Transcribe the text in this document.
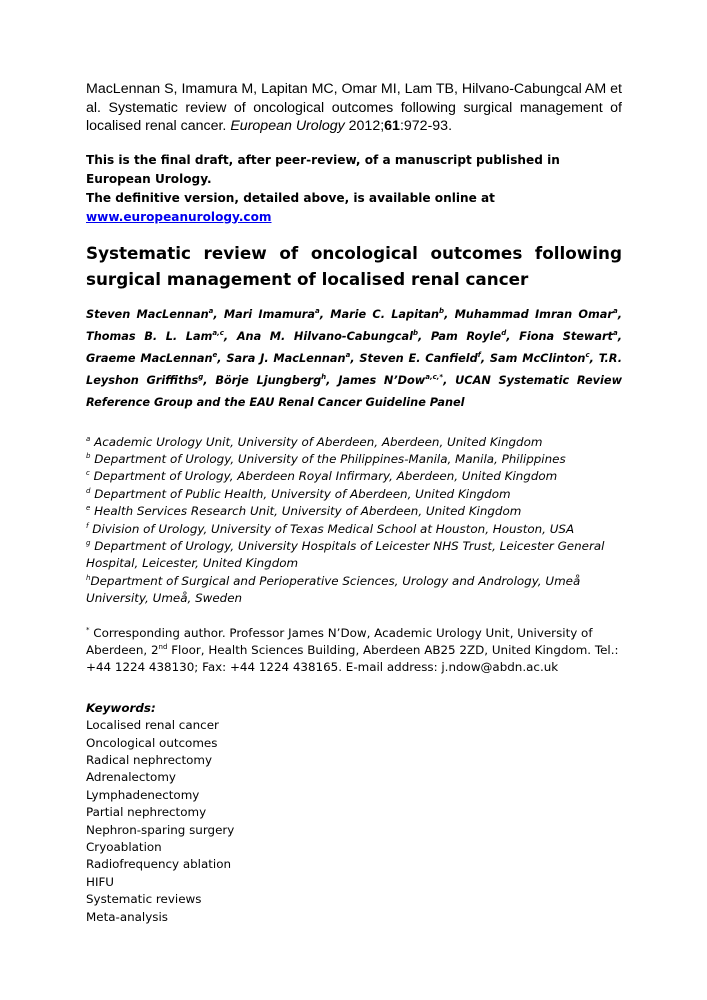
MacLennan S, Imamura M, Lapitan MC, Omar MI, Lam TB, Hilvano-Cabungcal AM et al. Systematic review of oncological outcomes following surgical management of localised renal cancer. European Urology 2012;61:972-93.

This is the final draft, after peer-review, of a manuscript published in European Urology.
The definitive version, detailed above, is available online at www.europeanurology.com

Systematic review of oncological outcomes following surgical management of localised renal cancer

Steven MacLennan$^a$, Mari Imamura$^a$, Marie C. Lapitan$^b$, Muhammad Imran Omar$^a$, Thomas B. L. Lam$^{a,c}$, Ana M. Hilvano-Cabungcal$^b$, Pam Royle$^d$, Fiona Stewart$^a$, Graeme MacLennan$^e$, Sara J. MacLennan$^a$, Steven E. Canfield$^f$, Sam McClinton$^c$, T.R. Leyshon Griffiths$^g$, Börje Ljungberg$^h$, James N’Dow$^{a,c,*}$, UCAN Systematic Review Reference Group and the EAU Renal Cancer Guideline Panel

$^a$ Academic Urology Unit, University of Aberdeen, Aberdeen, United Kingdom

$^b$ Department of Urology, University of the Philippines-Manila, Manila, Philippines

$^c$ Department of Urology, Aberdeen Royal Infirmary, Aberdeen, United Kingdom

$^d$ Department of Public Health, University of Aberdeen, United Kingdom

$^e$ Health Services Research Unit, University of Aberdeen, United Kingdom

$^f$ Division of Urology, University of Texas Medical School at Houston, Houston, USA

$^g$ Department of Urology, University Hospitals of Leicester NHS Trust, Leicester General Hospital, Leicester, United Kingdom

$^h$Department of Surgical and Perioperative Sciences, Urology and Andrology, Umeå University, Umeå, Sweden

* Corresponding author. Professor James N’Dow, Academic Urology Unit, University of Aberdeen, 2nd Floor, Health Sciences Building, Aberdeen AB25 2ZD, United Kingdom. Tel.: +44 1224 438130; Fax: +44 1224 438165. E-mail address: j.ndow@abdn.ac.uk

Keywords:
Localised renal cancer
Oncological outcomes
Radical nephrectomy
Adrenalectomy
Lymphadenectomy
Partial nephrectomy
Nephron-sparing surgery
Cryoablation
Radiofrequency ablation
HIFU
Systematic reviews
Meta-analysis
